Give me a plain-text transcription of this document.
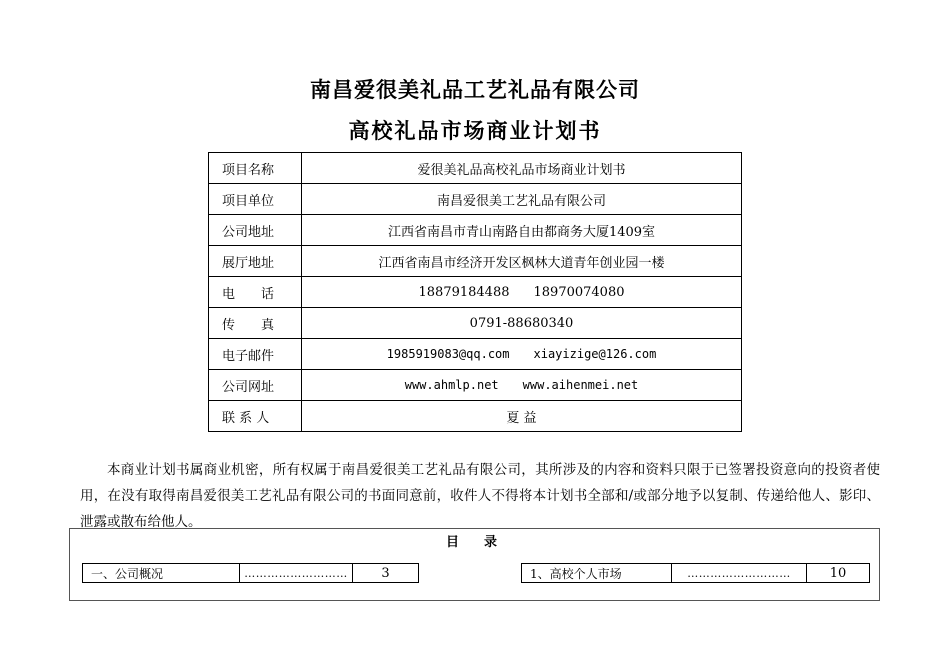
南昌爱很美礼品工艺礼品有限公司
高校礼品市场商业计划书
项目名称	爱很美礼品高校礼品市场商业计划书
项目单位	南昌爱很美工艺礼品有限公司
公司地址	江西省南昌市青山南路自由都商务大厦1409室
展厅地址	江西省南昌市经济开发区枫林大道青年创业园一楼
电　　话	18879184488 18970074080
传　　真	0791-88680340
电子邮件	1985919083@qq.com xiayizige@126.com
公司网址	www.ahmlp.net www.aihenmei.net
联 系 人	夏 益
本商业计划书属商业机密，所有权属于南昌爱很美工艺礼品有限公司，其所涉及的内容和资料只限于已签署投资意向的投资者使用，在没有取得南昌爱很美工艺礼品有限公司的书面同意前，收件人不得将本计划书全部和/或部分地予以复制、传递给他人、影印、泄露或散布给他人。
目　录
一、公司概况	………………………	3	1、高校个人市场	………………………	10
